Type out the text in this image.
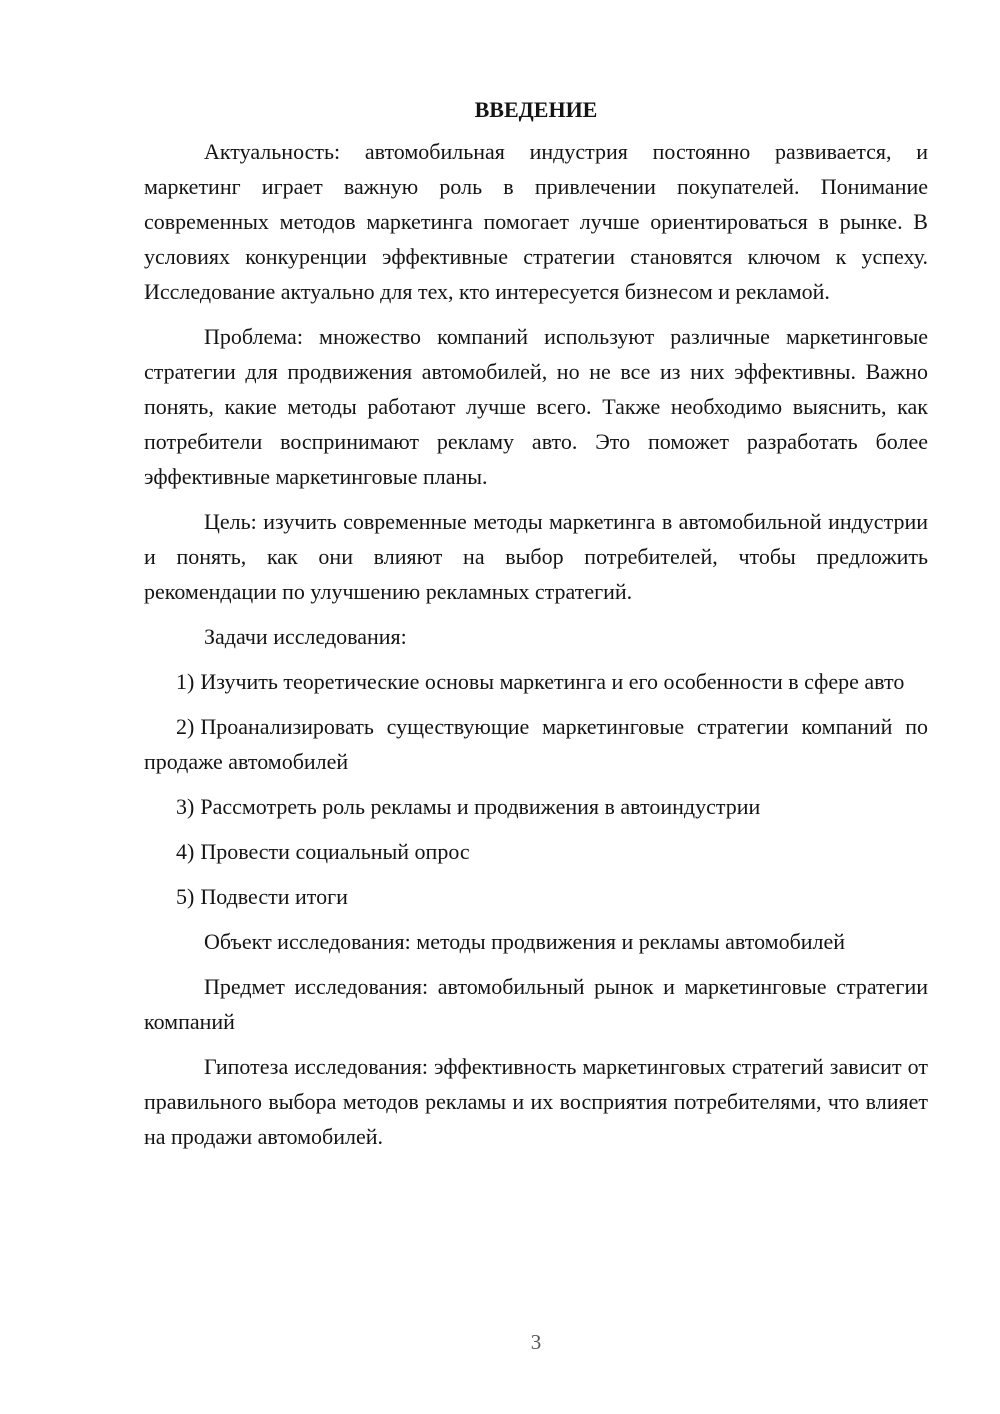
ВВЕДЕНИЕ

Актуальность: автомобильная индустрия постоянно развивается, и маркетинг играет важную роль в привлечении покупателей. Понимание современных методов маркетинга помогает лучше ориентироваться в рынке. В условиях конкуренции эффективные стратегии становятся ключом к успеху. Исследование актуально для тех, кто интересуется бизнесом и рекламой.

Проблема: множество компаний используют различные маркетинговые стратегии для продвижения автомобилей, но не все из них эффективны. Важно понять, какие методы работают лучше всего. Также необходимо выяснить, как потребители воспринимают рекламу авто. Это поможет разработать более эффективные маркетинговые планы.

Цель: изучить современные методы маркетинга в автомобильной индустрии и понять, как они влияют на выбор потребителей, чтобы предложить рекомендации по улучшению рекламных стратегий.

Задачи исследования:

1) Изучить теоретические основы маркетинга и его особенности в сфере авто

2) Проанализировать существующие маркетинговые стратегии компаний по продаже автомобилей

3) Рассмотреть роль рекламы и продвижения в автоиндустрии

4) Провести социальный опрос

5) Подвести итоги

Объект исследования: методы продвижения и рекламы автомобилей

Предмет исследования: автомобильный рынок и маркетинговые стратегии компаний

Гипотеза исследования: эффективность маркетинговых стратегий зависит от правильного выбора методов рекламы и их восприятия потребителями, что влияет на продажи автомобилей.

3
